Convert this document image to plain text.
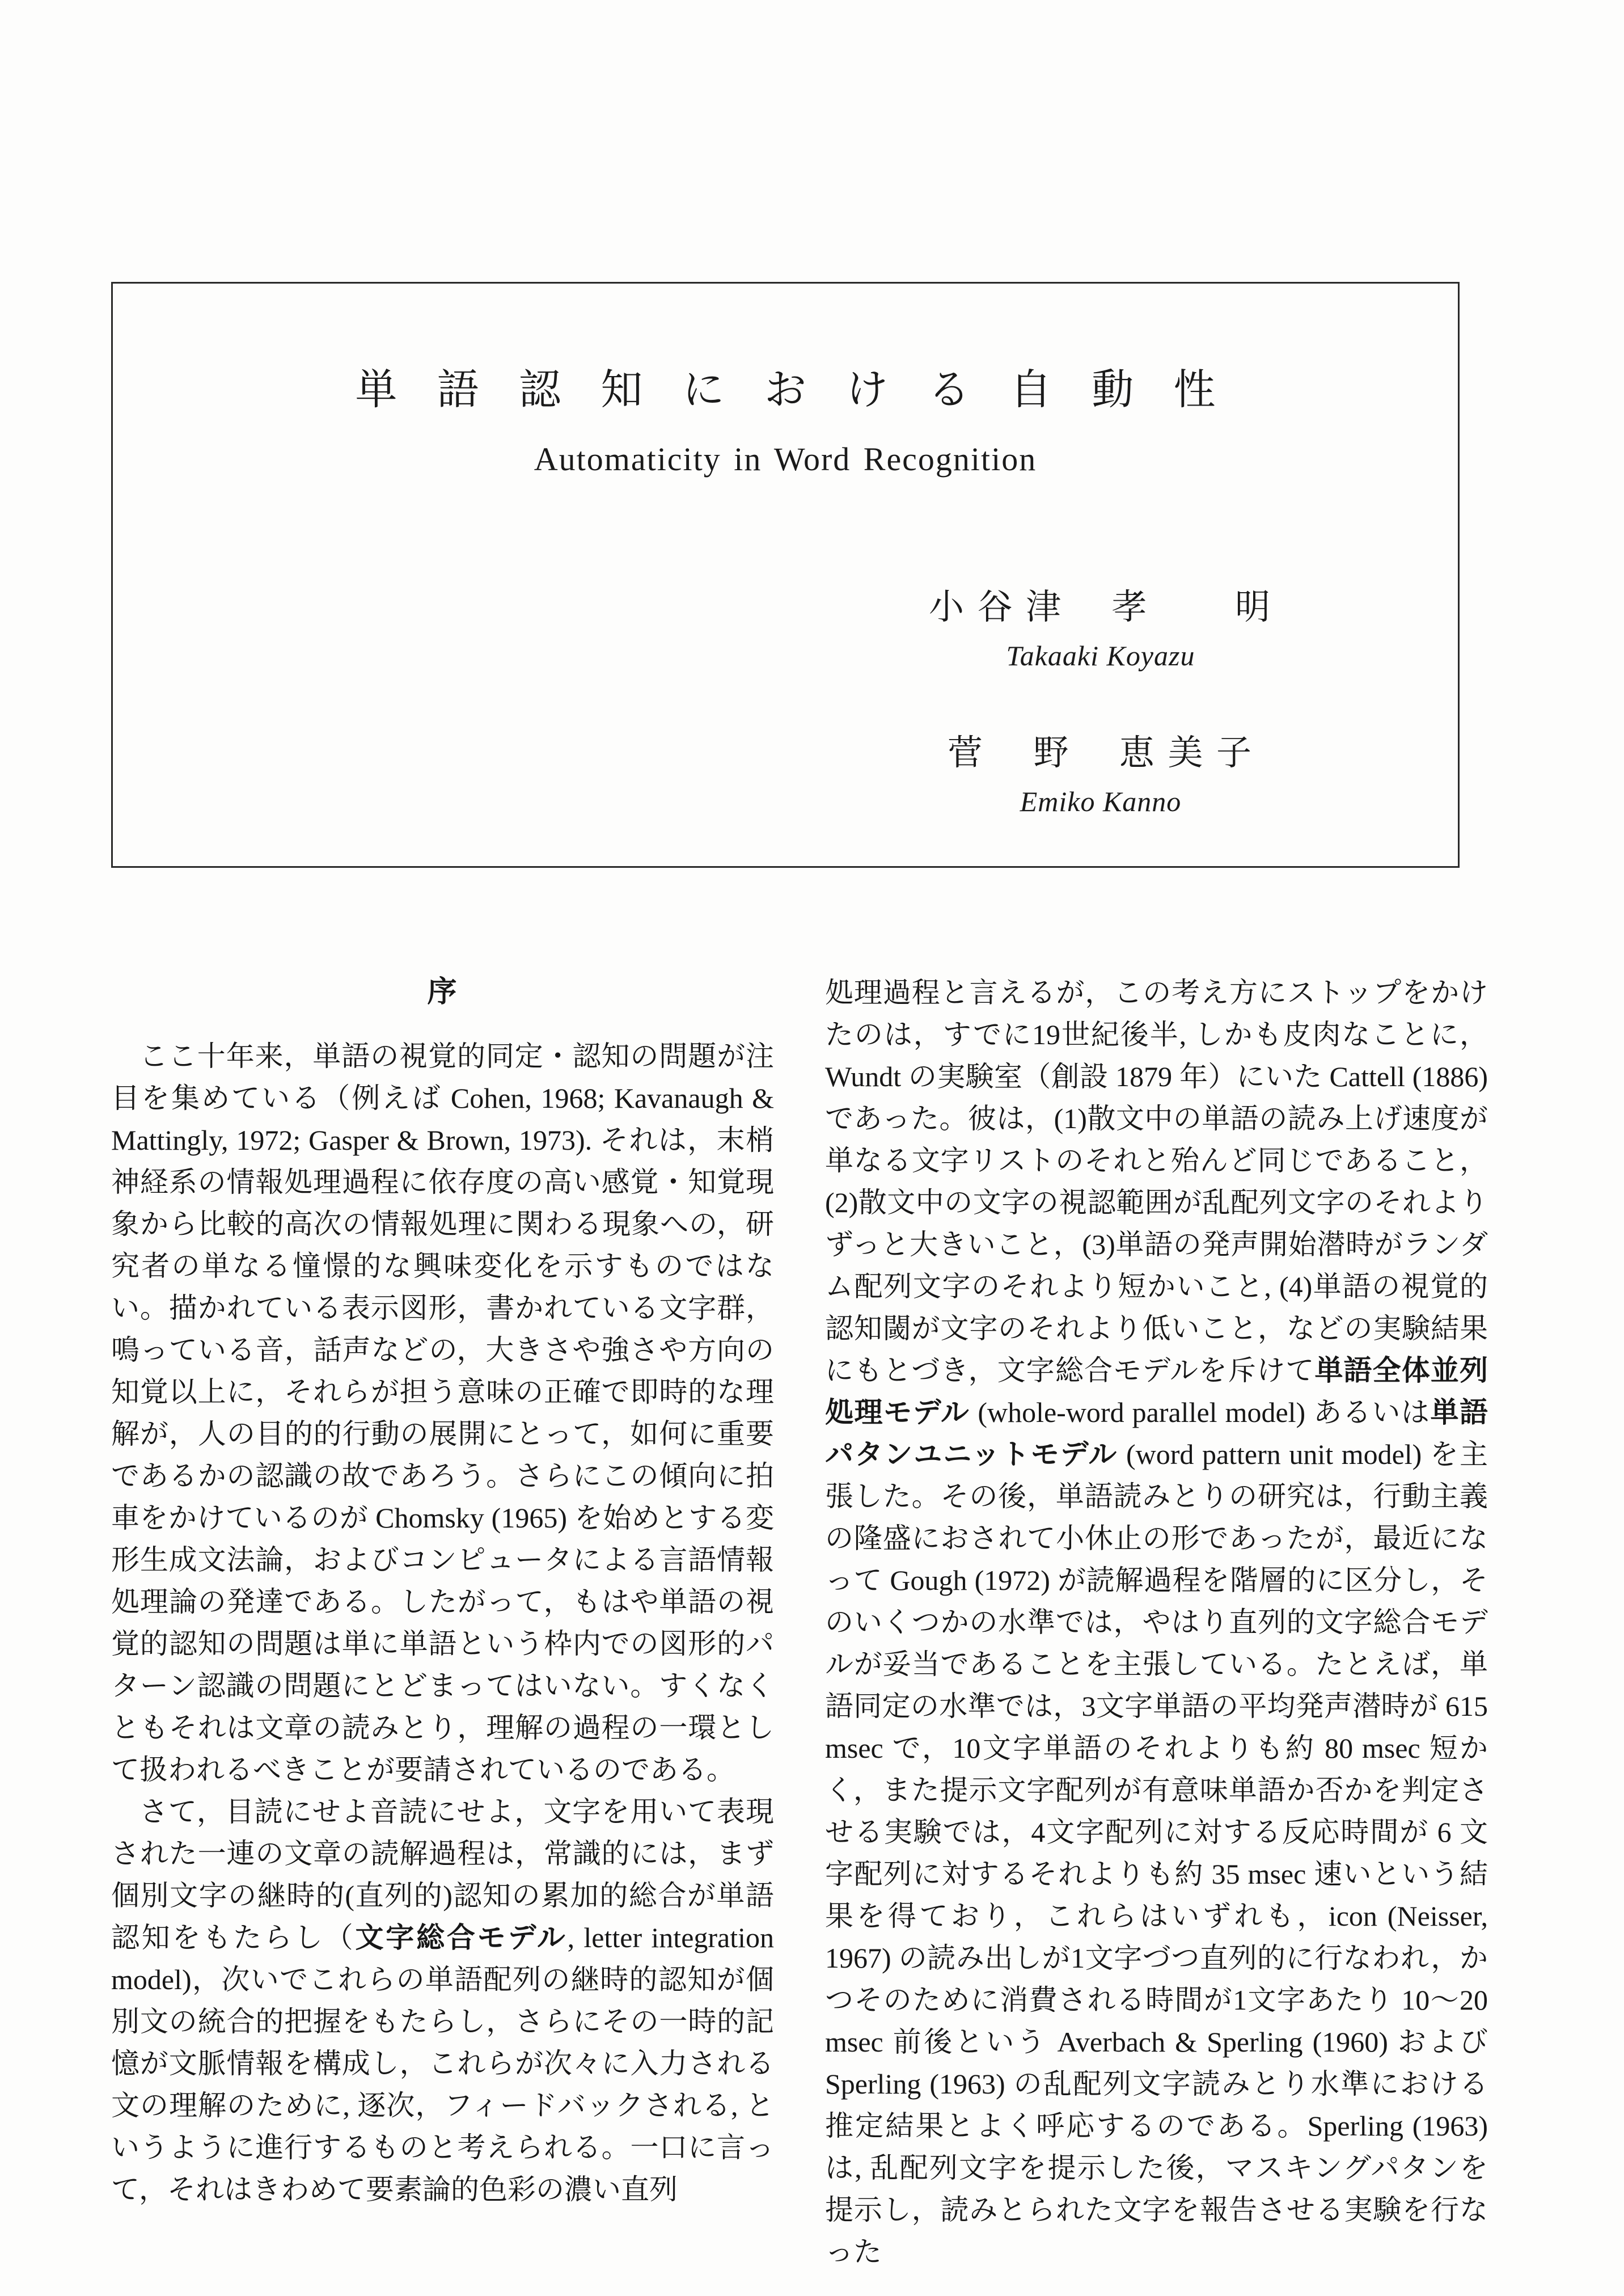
単語認知における自動性
Automaticity in Word Recognition
小 谷 津　 孝　　 明
Takaaki Koyazu
菅　 野　 恵 美 子
Emiko Kanno
序

ここ十年来，単語の視覚的同定・認知の問題が注目を集めている（例えば Cohen, 1968; Kavanaugh & Mattingly, 1972; Gasper & Brown, 1973). それは，末梢神経系の情報処理過程に依存度の高い感覚・知覚現象から比較的高次の情報処理に関わる現象への，研究者の単なる憧憬的な興味変化を示すものではない。描かれている表示図形，書かれている文字群，鳴っている音，話声などの，大きさや強さや方向の知覚以上に，それらが担う意味の正確で即時的な理解が，人の目的的行動の展開にとって，如何に重要であるかの認識の故であろう。さらにこの傾向に拍車をかけているのが Chomsky (1965) を始めとする変形生成文法論，およびコンピュータによる言語情報処理論の発達である。したがって，もはや単語の視覚的認知の問題は単に単語という枠内での図形的パターン認識の問題にとどまってはいない。すくなくともそれは文章の読みとり，理解の過程の一環として扱われるべきことが要請されているのである。

さて，目読にせよ音読にせよ，文字を用いて表現された一連の文章の読解過程は，常識的には，まず個別文字の継時的(直列的)認知の累加的総合が単語認知をもたらし（文字総合モデル, letter integration model)，次いでこれらの単語配列の継時的認知が個別文の統合的把握をもたらし，さらにその一時的記憶が文脈情報を構成し，これらが次々に入力される文の理解のために, 逐次，フィードバックされる, というように進行するものと考えられる。一口に言って，それはきわめて要素論的色彩の濃い直列

処理過程と言えるが，この考え方にストップをかけたのは，すでに19世紀後半, しかも皮肉なことに，Wundt の実験室（創設 1879 年）にいた Cattell (1886) であった。彼は，(1)散文中の単語の読み上げ速度が単なる文字リストのそれと殆んど同じであること，(2)散文中の文字の視認範囲が乱配列文字のそれよりずっと大きいこと，(3)単語の発声開始潜時がランダム配列文字のそれより短かいこと, (4)単語の視覚的認知閾が文字のそれより低いこと，などの実験結果にもとづき，文字総合モデルを斥けて単語全体並列処理モデル (whole-word parallel model) あるいは単語パタンユニットモデル (word pattern unit model) を主張した。その後，単語読みとりの研究は，行動主義の隆盛におされて小休止の形であったが，最近になって Gough (1972) が読解過程を階層的に区分し，そのいくつかの水準では，やはり直列的文字総合モデルが妥当であることを主張している。たとえば，単語同定の水準では，3文字単語の平均発声潜時が 615 msec で，10文字単語のそれよりも約 80 msec 短かく，また提示文字配列が有意味単語か否かを判定させる実験では，4文字配列に対する反応時間が 6 文字配列に対するそれよりも約 35 msec 速いという結果を得ており，これらはいずれも，icon (Neisser, 1967) の読み出しが1文字づつ直列的に行なわれ，かつそのために消費される時間が1文字あたり 10〜20 msec 前後という Averbach & Sperling (1960) および Sperling (1963) の乱配列文字読みとり水準における推定結果とよく呼応するのである。Sperling (1963) は, 乱配列文字を提示した後，マスキングパタンを提示し，読みとられた文字を報告させる実験を行なった
